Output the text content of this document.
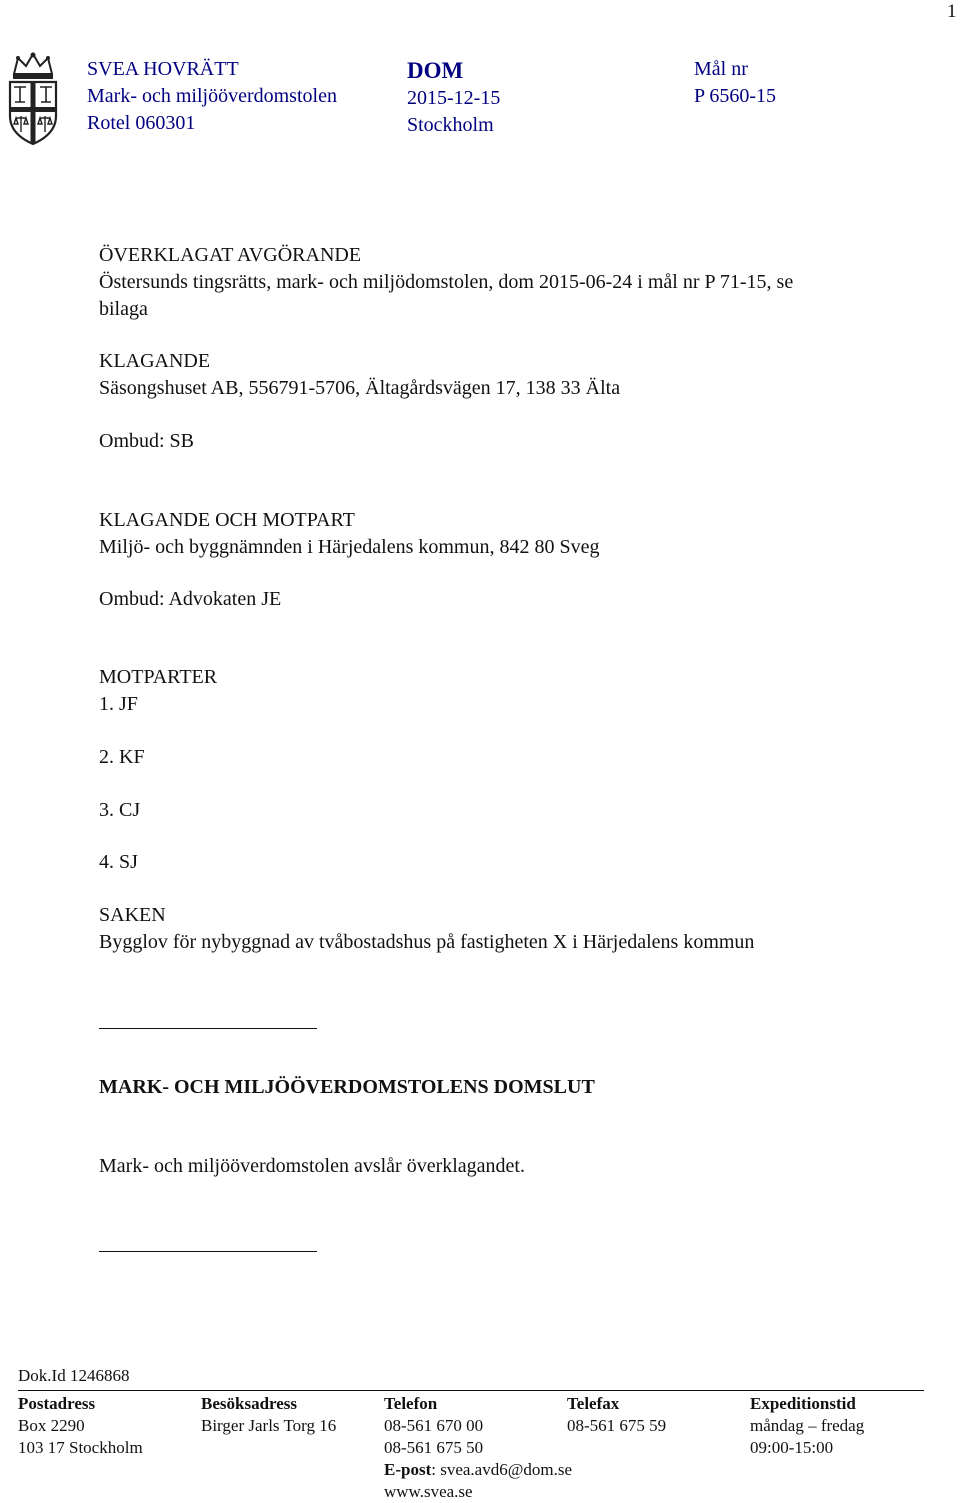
1
SVEA HOVRÄTT
Mark- och miljööverdomstolen
Rotel 060301
DOM
2015-12-15
Stockholm
Mål nr
P 6560-15
ÖVERKLAGAT AVGÖRANDE
Östersunds tingsrätts, mark- och miljödomstolen, dom 2015-06-24 i mål nr P 71-15, se
bilaga
KLAGANDE
Säsongshuset AB, 556791-5706, Ältagårdsvägen 17, 138 33 Älta
Ombud: SB
KLAGANDE OCH MOTPART
Miljö- och byggnämnden i Härjedalens kommun, 842 80 Sveg
Ombud: Advokaten JE
MOTPARTER
1. JF
2. KF
3. CJ
4. SJ
SAKEN
Bygglov för nybyggnad av tvåbostadshus på fastigheten X i Härjedalens kommun
MARK- OCH MILJÖÖVERDOMSTOLENS DOMSLUT
Mark- och miljööverdomstolen avslår överklagandet.
Dok.Id 1246868
Postadress
Box 2290
103 17 Stockholm
Besöksadress
Birger Jarls Torg 16
Telefon
08-561 670 00
08-561 675 50
E-post: svea.avd6@dom.se
www.svea.se
Telefax
08-561 675 59
Expeditionstid
måndag – fredag
09:00-15:00
